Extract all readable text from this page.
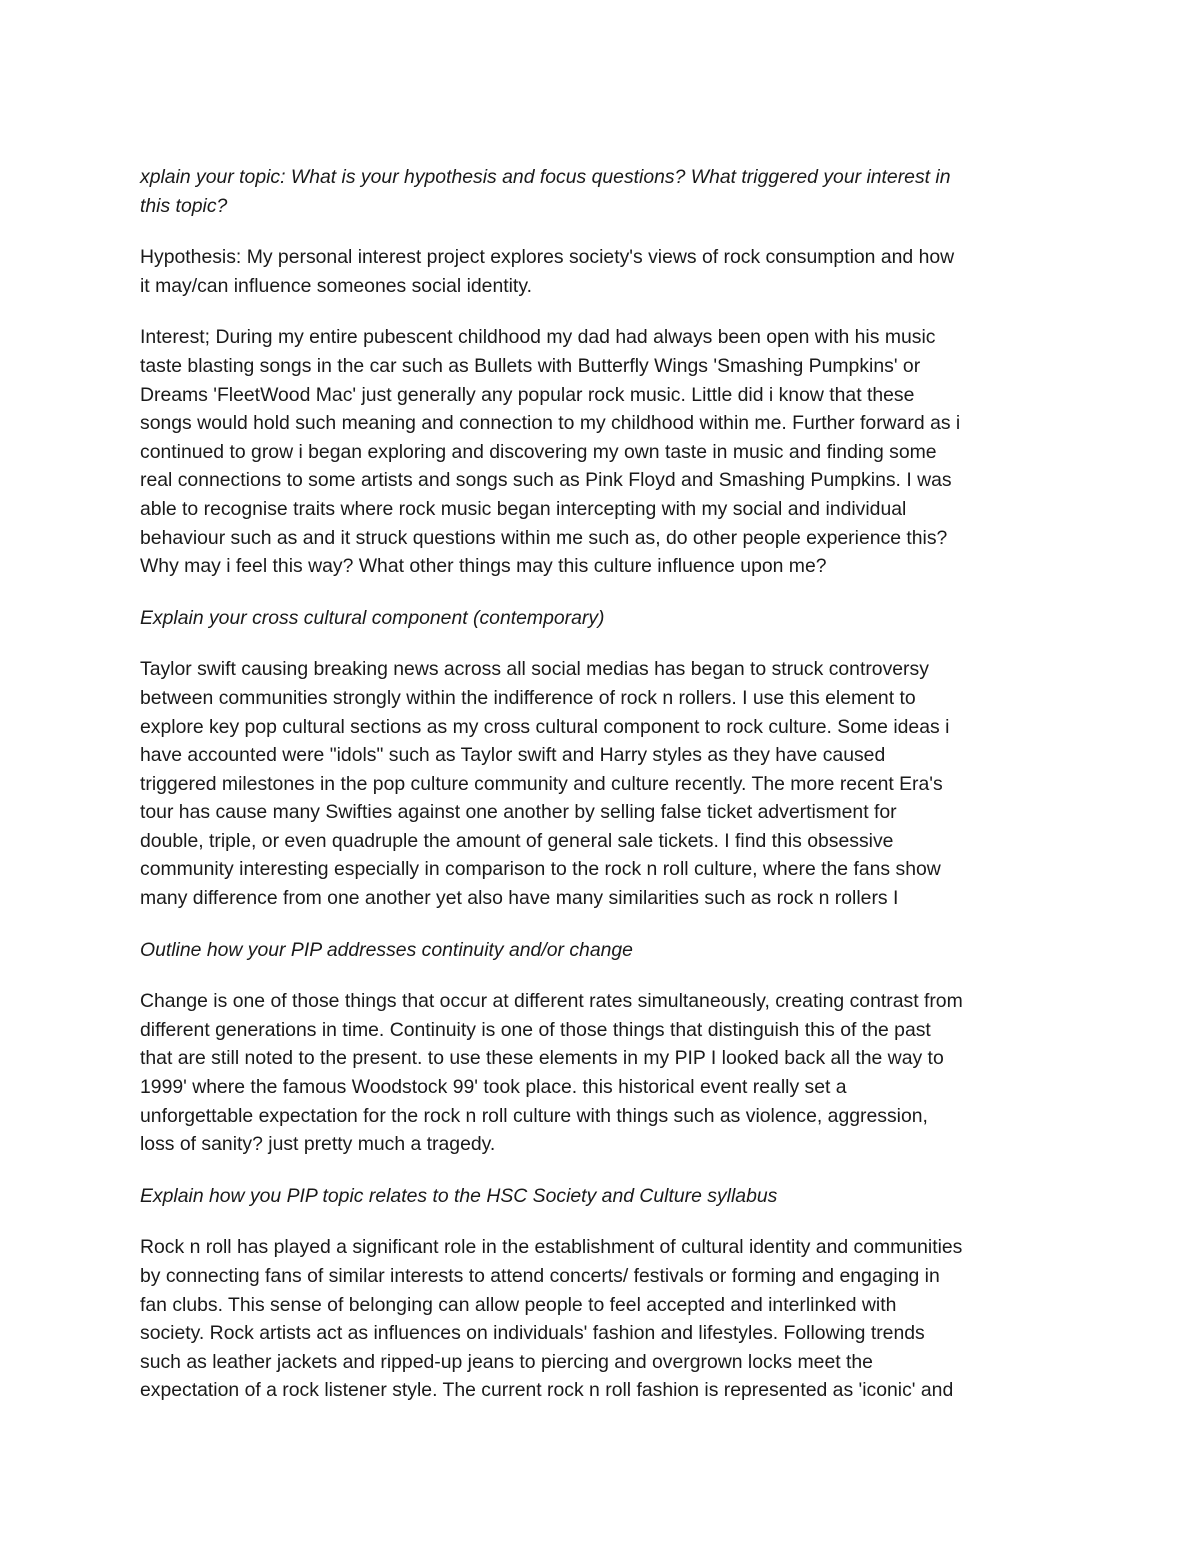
xplain your topic: What is your hypothesis and focus questions? What triggered your interest in
this topic?

Hypothesis: My personal interest project explores society's views of rock consumption and how
it may/can influence someones social identity.

Interest; During my entire pubescent childhood my dad had always been open with his music
taste blasting songs in the car such as Bullets with Butterfly Wings 'Smashing Pumpkins' or
Dreams 'FleetWood Mac' just generally any popular rock music. Little did i know that these
songs would hold such meaning and connection to my childhood within me. Further forward as i
continued to grow i began exploring and discovering my own taste in music and finding some
real connections to some artists and songs such as Pink Floyd and Smashing Pumpkins. I was
able to recognise traits where rock music began intercepting with my social and individual
behaviour such as and it struck questions within me such as, do other people experience this?
Why may i feel this way? What other things may this culture influence upon me?

Explain your cross cultural component (contemporary)

Taylor swift causing breaking news across all social medias has began to struck controversy
between communities strongly within the indifference of rock n rollers. I use this element to
explore key pop cultural sections as my cross cultural component to rock culture. Some ideas i
have accounted were "idols" such as Taylor swift and Harry styles as they have caused
triggered milestones in the pop culture community and culture recently. The more recent Era's
tour has cause many Swifties against one another by selling false ticket advertisment for
double, triple, or even quadruple the amount of general sale tickets. I find this obsessive
community interesting especially in comparison to the rock n roll culture, where the fans show
many difference from one another yet also have many similarities such as rock n rollers I

Outline how your PIP addresses continuity and/or change

Change is one of those things that occur at different rates simultaneously, creating contrast from
different generations in time. Continuity is one of those things that distinguish this of the past
that are still noted to the present. to use these elements in my PIP I looked back all the way to
1999' where the famous Woodstock 99' took place. this historical event really set a
unforgettable expectation for the rock n roll culture with things such as violence, aggression,
loss of sanity? just pretty much a tragedy.

Explain how you PIP topic relates to the HSC Society and Culture syllabus

Rock n roll has played a significant role in the establishment of cultural identity and communities
by connecting fans of similar interests to attend concerts/ festivals or forming and engaging in
fan clubs. This sense of belonging can allow people to feel accepted and interlinked with
society. Rock artists act as influences on individuals' fashion and lifestyles. Following trends
such as leather jackets and ripped-up jeans to piercing and overgrown locks meet the
expectation of a rock listener style. The current rock n roll fashion is represented as 'iconic' and
